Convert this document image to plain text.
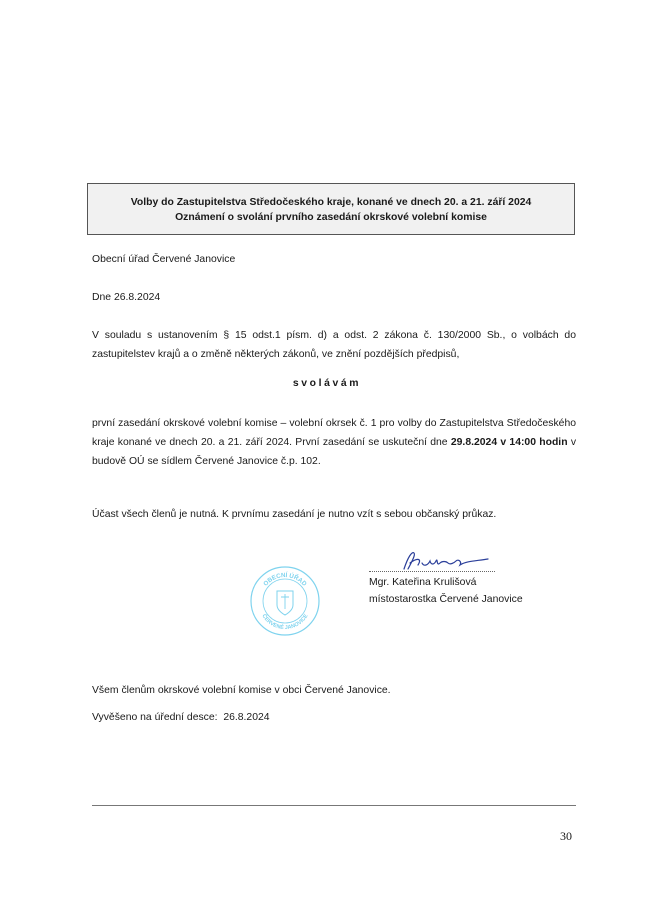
Volby do Zastupitelstva Středočeského kraje, konané ve dnech 20. a 21. září 2024
Oznámení o svolání prvního zasedání okrskové volební komise
Obecní úřad Červené Janovice
Dne 26.8.2024
V souladu s ustanovením § 15 odst.1 písm. d) a odst. 2 zákona č. 130/2000 Sb., o volbách do zastupitelstev krajů a o změně některých zákonů, ve znění pozdějších předpisů,
svolávám
první zasedání okrskové volební komise – volební okrsek č. 1 pro volby do Zastupitelstva Středočeského kraje konané ve dnech 20. a 21. září 2024. První zasedání se uskuteční dne 29.8.2024 v 14:00 hodin v budově OÚ se sídlem Červené Janovice č.p. 102.
Účast všech členů je nutná. K prvnímu zasedání je nutno vzít s sebou občanský průkaz.
Mgr. Kateřina Krulišová
místostarostka Červené Janovice
OBECNÍ ÚŘAD
ČERVENÉ JANOVICE
Všem členům okrskové volební komise v obci Červené Janovice.
Vyvěšeno na úřední desce:  26.8.2024
30
